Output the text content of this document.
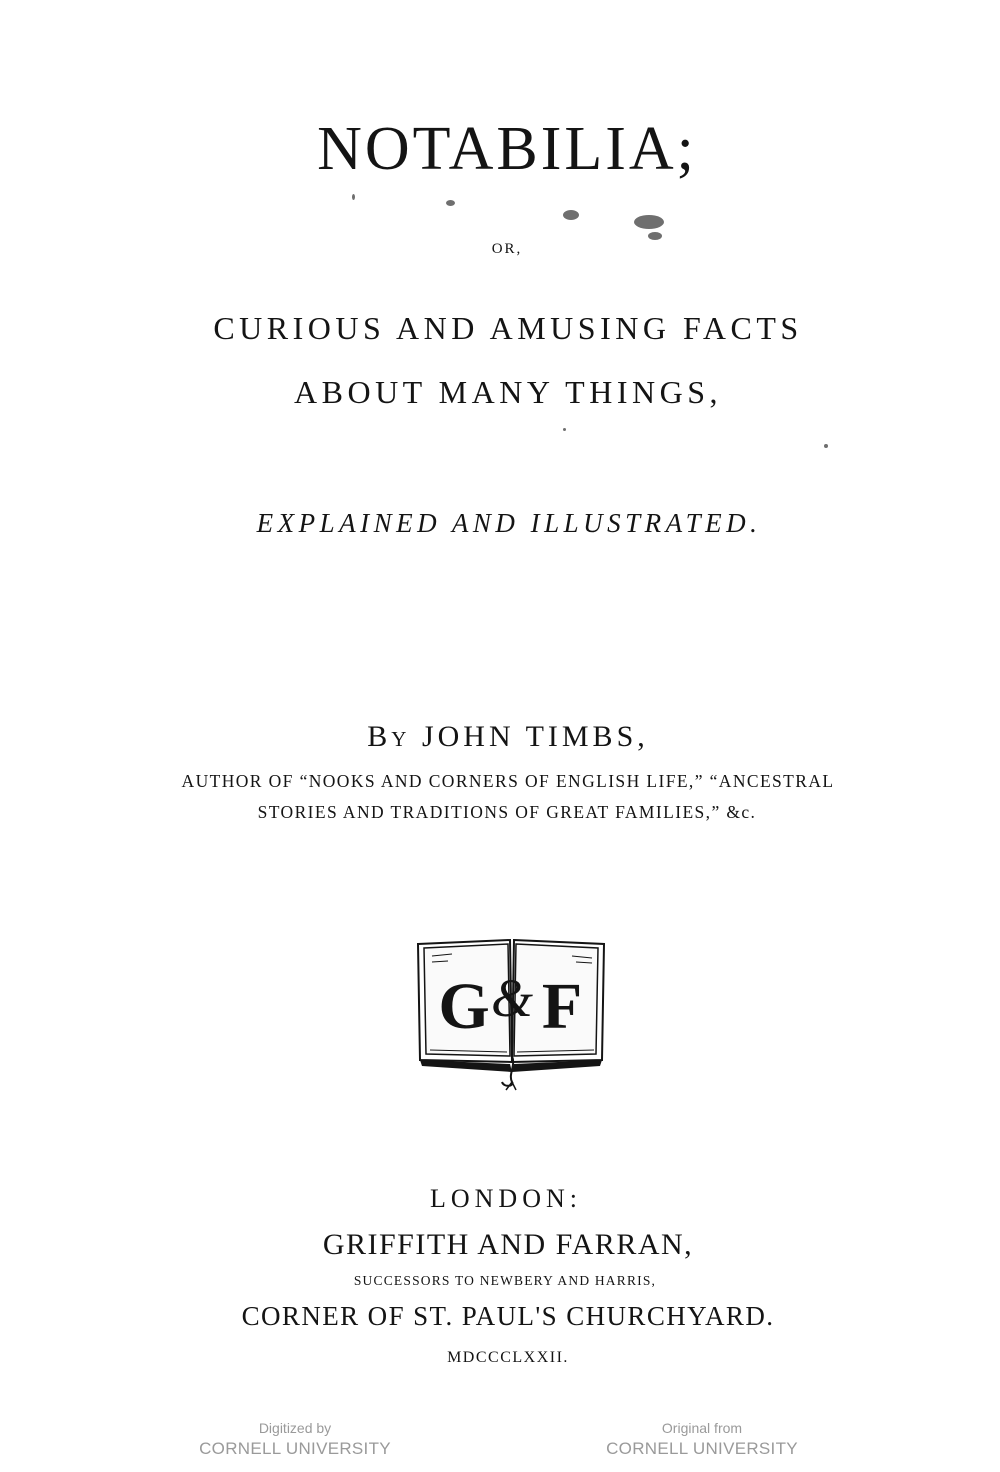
NOTABILIA;
OR,
CURIOUS AND AMUSING FACTS
ABOUT MANY THINGS,
EXPLAINED AND ILLUSTRATED.
By JOHN TIMBS,
AUTHOR OF “NOOKS AND CORNERS OF ENGLISH LIFE,” “ANCESTRAL
STORIES AND TRADITIONS OF GREAT FAMILIES,” &c.
G & F
LONDON:
GRIFFITH AND FARRAN,
SUCCESSORS TO NEWBERY AND HARRIS,
CORNER OF ST. PAUL'S CHURCHYARD.
MDCCCLXXII.
Digitized by
CORNELL UNIVERSITY
Original from
CORNELL UNIVERSITY
